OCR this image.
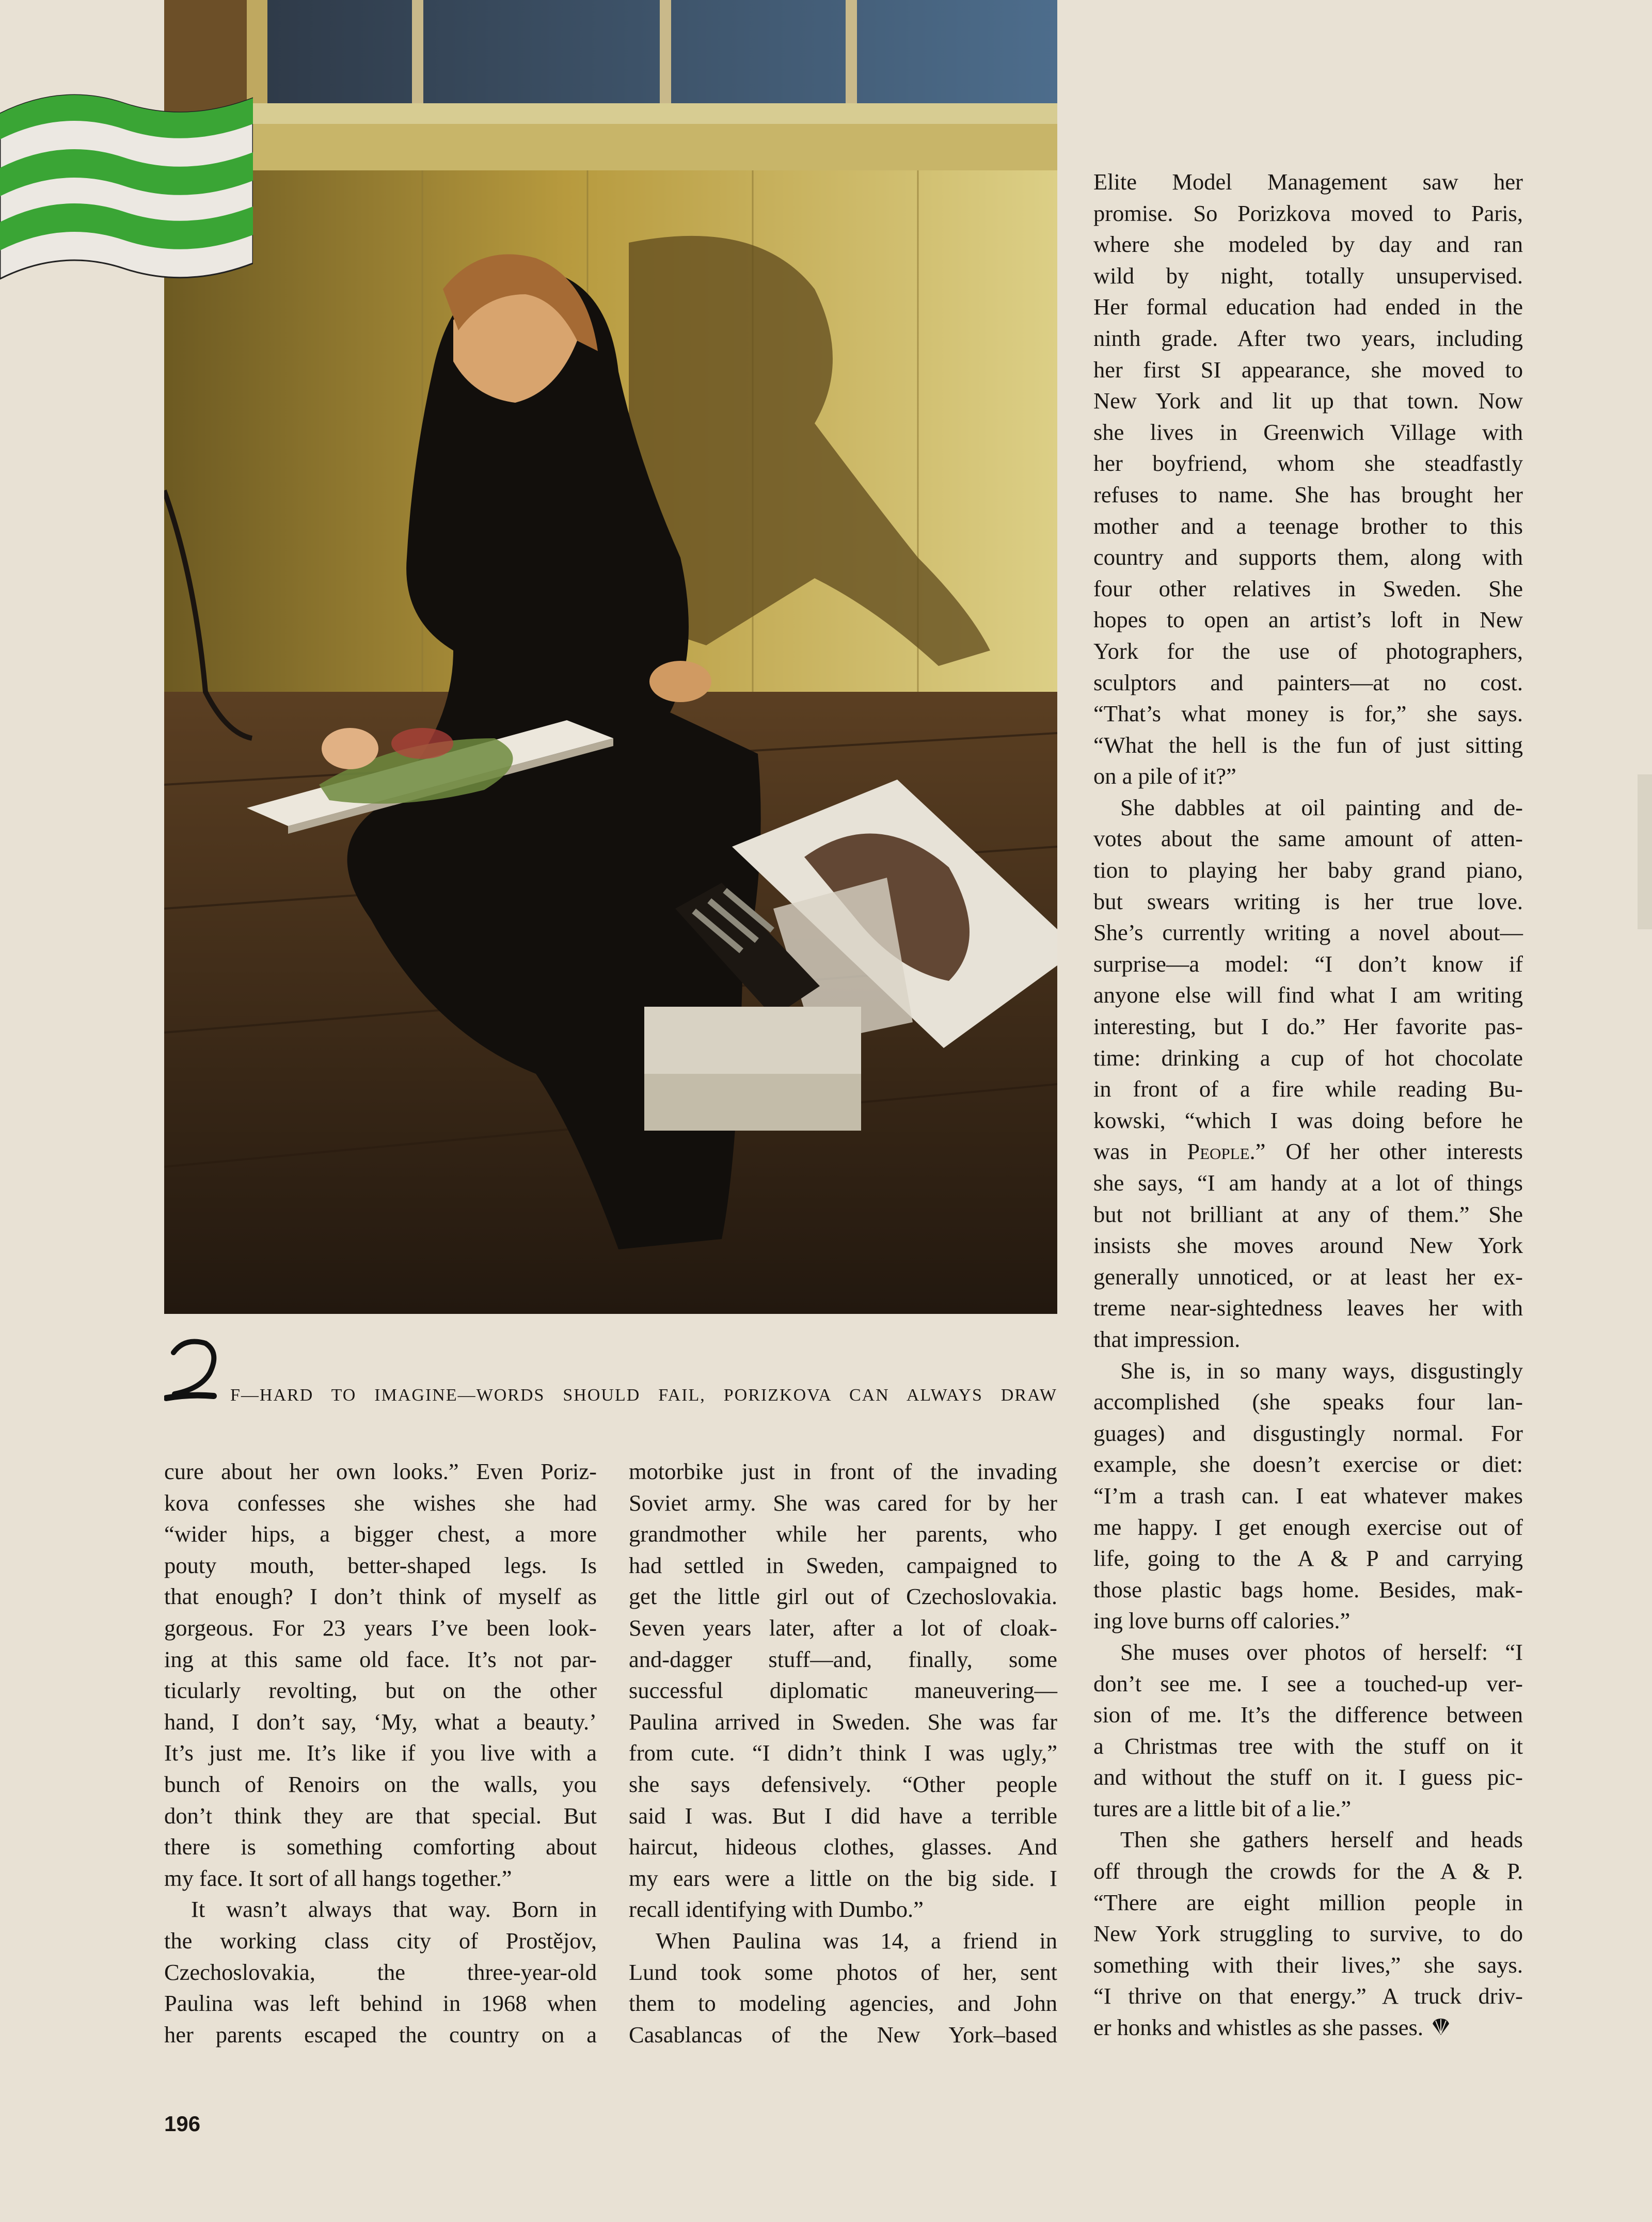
F—HARD TO IMAGINE—WORDS SHOULD FAIL, PORIZKOVA CAN ALWAYS DRAW

cure about her own looks.” Even Poriz-

kova confesses she wishes she had

“wider hips, a bigger chest, a more

pouty mouth, better-shaped legs. Is

that enough? I don’t think of myself as

gorgeous. For 23 years I’ve been look-

ing at this same old face. It’s not par-

ticularly revolting, but on the other

hand, I don’t say, ‘My, what a beauty.’

It’s just me. It’s like if you live with a

bunch of Renoirs on the walls, you

don’t think they are that special. But

there is something comforting about

my face. It sort of all hangs together.”

It wasn’t always that way. Born in

the working class city of Prostějov,

Czechoslovakia, the three-year-old

Paulina was left behind in 1968 when

her parents escaped the country on a

motorbike just in front of the invading

Soviet army. She was cared for by her

grandmother while her parents, who

had settled in Sweden, campaigned to

get the little girl out of Czechoslovakia.

Seven years later, after a lot of cloak-

and-dagger stuff—and, finally, some

successful diplomatic maneuvering—

Paulina arrived in Sweden. She was far

from cute. “I didn’t think I was ugly,”

she says defensively. “Other people

said I was. But I did have a terrible

haircut, hideous clothes, glasses. And

my ears were a little on the big side. I

recall identifying with Dumbo.”

When Paulina was 14, a friend in

Lund took some photos of her, sent

them to modeling agencies, and John

Casablancas of the New York–based

Elite Model Management saw her

promise. So Porizkova moved to Paris,

where she modeled by day and ran

wild by night, totally unsupervised.

Her formal education had ended in the

ninth grade. After two years, including

her first SI appearance, she moved to

New York and lit up that town. Now

she lives in Greenwich Village with

her boyfriend, whom she steadfastly

refuses to name. She has brought her

mother and a teenage brother to this

country and supports them, along with

four other relatives in Sweden. She

hopes to open an artist’s loft in New

York for the use of photographers,

sculptors and painters—at no cost.

“That’s what money is for,” she says.

“What the hell is the fun of just sitting

on a pile of it?”

She dabbles at oil painting and de-

votes about the same amount of atten-

tion to playing her baby grand piano,

but swears writing is her true love.

She’s currently writing a novel about—

surprise—a model: “I don’t know if

anyone else will find what I am writing

interesting, but I do.” Her favorite pas-

time: drinking a cup of hot chocolate

in front of a fire while reading Bu-

kowski, “which I was doing before he

was in People.” Of her other interests

she says, “I am handy at a lot of things

but not brilliant at any of them.” She

insists she moves around New York

generally unnoticed, or at least her ex-

treme near-sightedness leaves her with

that impression.

She is, in so many ways, disgustingly

accomplished (she speaks four lan-

guages) and disgustingly normal. For

example, she doesn’t exercise or diet:

“I’m a trash can. I eat whatever makes

me happy. I get enough exercise out of

life, going to the A & P and carrying

those plastic bags home. Besides, mak-

ing love burns off calories.”

She muses over photos of herself: “I

don’t see me. I see a touched-up ver-

sion of me. It’s the difference between

a Christmas tree with the stuff on it

and without the stuff on it. I guess pic-

tures are a little bit of a lie.”

Then she gathers herself and heads

off through the crowds for the A & P.

“There are eight million people in

New York struggling to survive, to do

something with their lives,” she says.

“I thrive on that energy.” A truck driv-

er honks and whistles as she passes.

196
